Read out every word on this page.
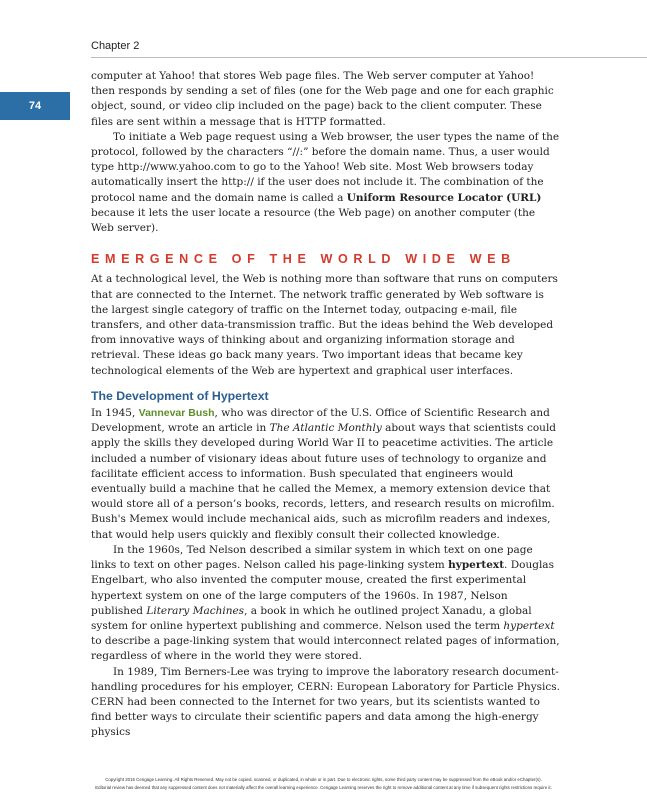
Chapter 2
74

computer at Yahoo! that stores Web page files. The Web server computer at Yahoo! then responds by sending a set of files (one for the Web page and one for each graphic object, sound, or video clip included on the page) back to the client computer. These files are sent within a message that is HTTP formatted.

To initiate a Web page request using a Web browser, the user types the name of the protocol, followed by the characters “//:” before the domain name. Thus, a user would type http://www.yahoo.com to go to the Yahoo! Web site. Most Web browsers today automatically insert the http:// if the user does not include it. The combination of the protocol name and the domain name is called a Uniform Resource Locator (URL) because it lets the user locate a resource (the Web page) on another computer (the Web server).

EMERGENCE OF THE WORLD WIDE WEB

At a technological level, the Web is nothing more than software that runs on computers that are connected to the Internet. The network traffic generated by Web software is the largest single category of traffic on the Internet today, outpacing e-mail, file transfers, and other data-transmission traffic. But the ideas behind the Web developed from innovative ways of thinking about and organizing information storage and retrieval. These ideas go back many years. Two important ideas that became key technological elements of the Web are hypertext and graphical user interfaces.

The Development of Hypertext

In 1945, Vannevar Bush, who was director of the U.S. Office of Scientific Research and Development, wrote an article in The Atlantic Monthly about ways that scientists could apply the skills they developed during World War II to peacetime activities. The article included a number of visionary ideas about future uses of technology to organize and facilitate efficient access to information. Bush speculated that engineers would eventually build a machine that he called the Memex, a memory extension device that would store all of a person’s books, records, letters, and research results on microfilm. Bush's Memex would include mechanical aids, such as microfilm readers and indexes, that would help users quickly and flexibly consult their collected knowledge.

In the 1960s, Ted Nelson described a similar system in which text on one page links to text on other pages. Nelson called his page-linking system hypertext. Douglas Engelbart, who also invented the computer mouse, created the first experimental hypertext system on one of the large computers of the 1960s. In 1987, Nelson published Literary Machines, a book in which he outlined project Xanadu, a global system for online hypertext publishing and commerce. Nelson used the term hypertext to describe a page-linking system that would interconnect related pages of information, regardless of where in the world they were stored.

In 1989, Tim Berners-Lee was trying to improve the laboratory research document-handling procedures for his employer, CERN: European Laboratory for Particle Physics. CERN had been connected to the Internet for two years, but its scientists wanted to find better ways to circulate their scientific papers and data among the high-energy physics

Copyright 2015 Cengage Learning. All Rights Reserved. May not be copied, scanned, or duplicated, in whole or in part. Due to electronic rights, some third party content may be suppressed from the eBook and/or eChapter(s).
Editorial review has deemed that any suppressed content does not materially affect the overall learning experience. Cengage Learning reserves the right to remove additional content at any time if subsequent rights restrictions require it.
